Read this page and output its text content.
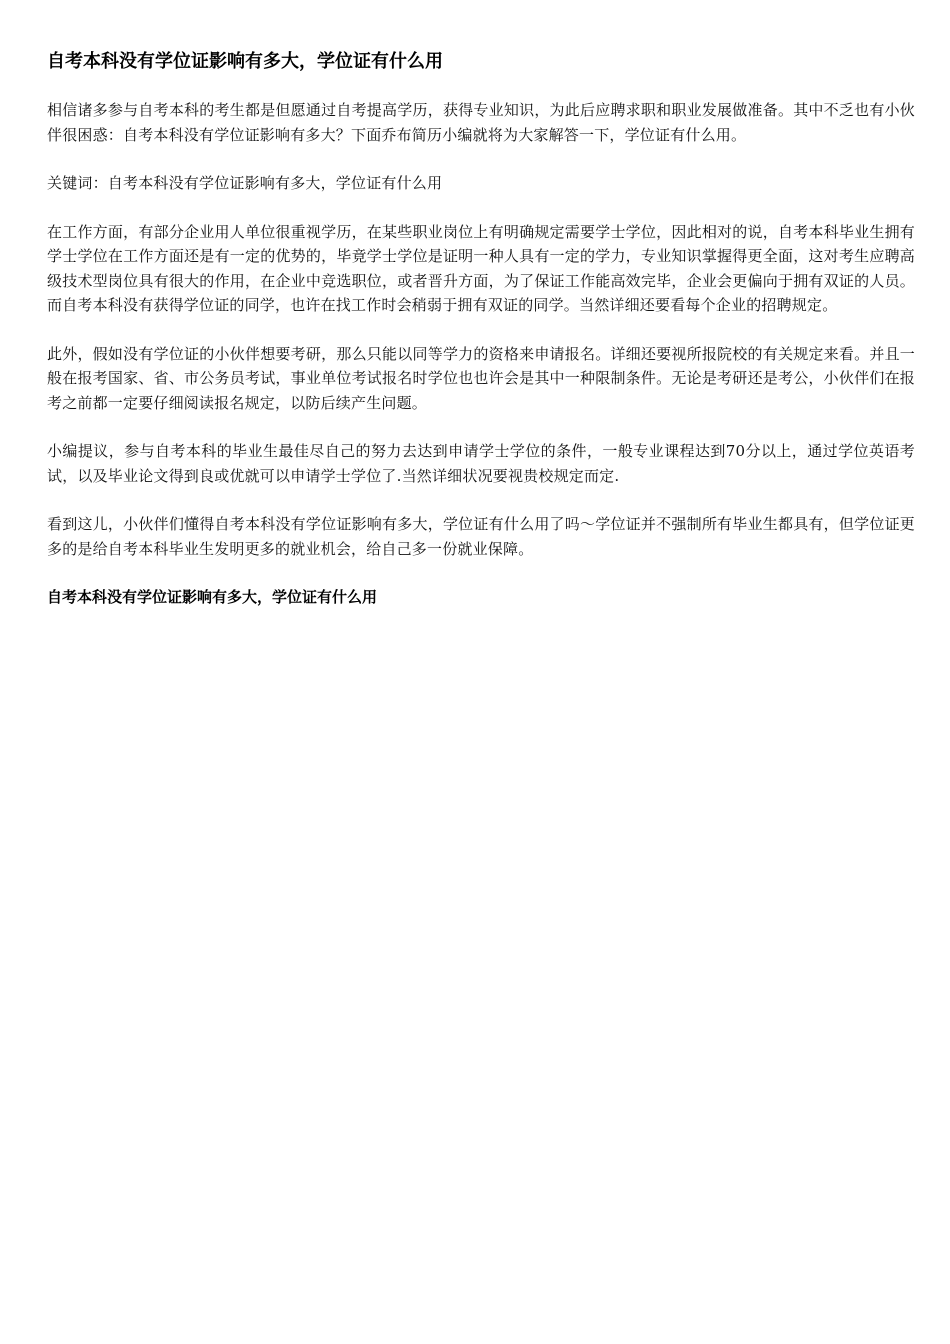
自考本科没有学位证影响有多大，学位证有什么用

相信诸多参与自考本科的考生都是但愿通过自考提高学历，获得专业知识，为此后应聘求职和职业发展做准备。其中不乏也有小伙伴很困惑：自考本科没有学位证影响有多大？下面乔布简历小编就将为大家解答一下，学位证有什么用。

关键词：自考本科没有学位证影响有多大，学位证有什么用

在工作方面，有部分企业用人单位很重视学历，在某些职业岗位上有明确规定需要学士学位，因此相对的说，自考本科毕业生拥有学士学位在工作方面还是有一定的优势的，毕竟学士学位是证明一种人具有一定的学力，专业知识掌握得更全面，这对考生应聘高级技术型岗位具有很大的作用，在企业中竞选职位，或者晋升方面，为了保证工作能高效完毕，企业会更偏向于拥有双证的人员。而自考本科没有获得学位证的同学，也许在找工作时会稍弱于拥有双证的同学。当然详细还要看每个企业的招聘规定。

此外，假如没有学位证的小伙伴想要考研，那么只能以同等学力的资格来申请报名。详细还要视所报院校的有关规定来看。并且一般在报考国家、省、市公务员考试，事业单位考试报名时学位也也许会是其中一种限制条件。无论是考研还是考公，小伙伴们在报考之前都一定要仔细阅读报名规定，以防后续产生问题。

小编提议，参与自考本科的毕业生最佳尽自己的努力去达到申请学士学位的条件，一般专业课程达到70分以上，通过学位英语考试，以及毕业论文得到良或优就可以申请学士学位了.当然详细状况要视贵校规定而定.

看到这儿，小伙伴们懂得自考本科没有学位证影响有多大，学位证有什么用了吗～学位证并不强制所有毕业生都具有，但学位证更多的是给自考本科毕业生发明更多的就业机会，给自己多一份就业保障。

自考本科没有学位证影响有多大，学位证有什么用
